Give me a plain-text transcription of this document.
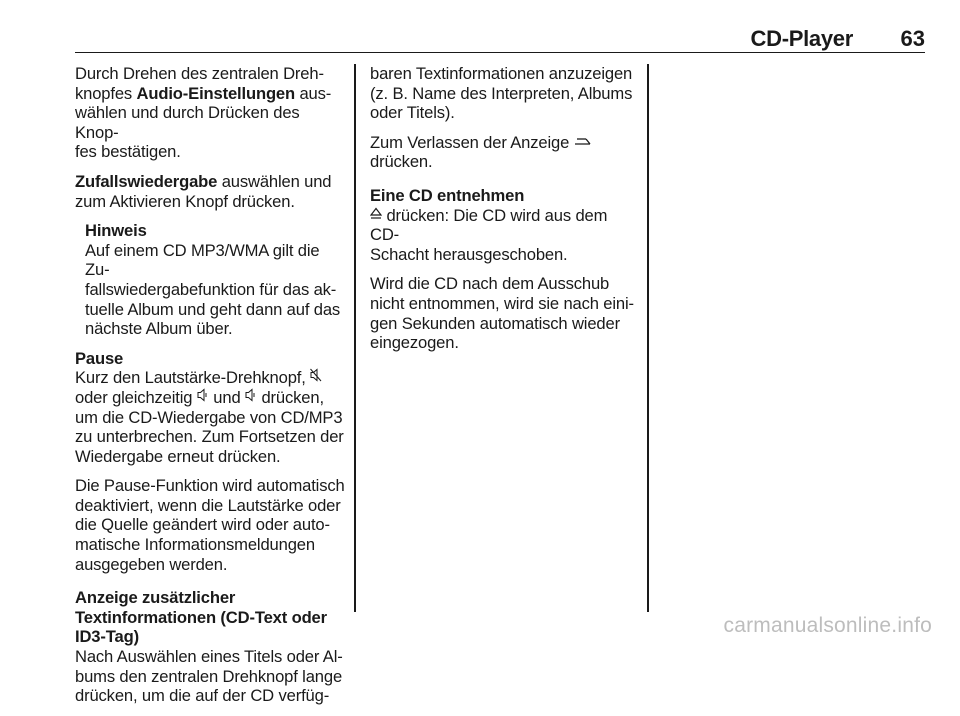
CD-Player 63

Durch Drehen des zentralen Dreh-
knopfes Audio-Einstellungen aus-
wählen und durch Drücken des Knop-
fes bestätigen.

Zufallswiedergabe auswählen und
zum Aktivieren Knopf drücken.

Hinweis
Auf einem CD MP3/WMA gilt die Zu-
fallswiedergabefunktion für das ak-
tuelle Album und geht dann auf das
nächste Album über.
Pause

Kurz den Lautstärke-Drehknopf,
oder gleichzeitig  und  drücken,
um die CD-Wiedergabe von CD/MP3
zu unterbrechen. Zum Fortsetzen der
Wiedergabe erneut drücken.

Die Pause-Funktion wird automatisch
deaktiviert, wenn die Lautstärke oder
die Quelle geändert wird oder auto-
matische Informationsmeldungen
ausgegeben werden.

Anzeige zusätzlicher
Textinformationen (CD-Text oder
ID3-Tag)

Nach Auswählen eines Titels oder Al-
bums den zentralen Drehknopf lange
drücken, um die auf der CD verfüg-

baren Textinformationen anzuzeigen
(z. B. Name des Interpreten, Albums
oder Titels).

Zum Verlassen der Anzeige
drücken.

Eine CD entnehmen

drücken: Die CD wird aus dem CD-
Schacht herausgeschoben.

Wird die CD nach dem Ausschub
nicht entnommen, wird sie nach eini-
gen Sekunden automatisch wieder
eingezogen.

carmanualsonline.info
